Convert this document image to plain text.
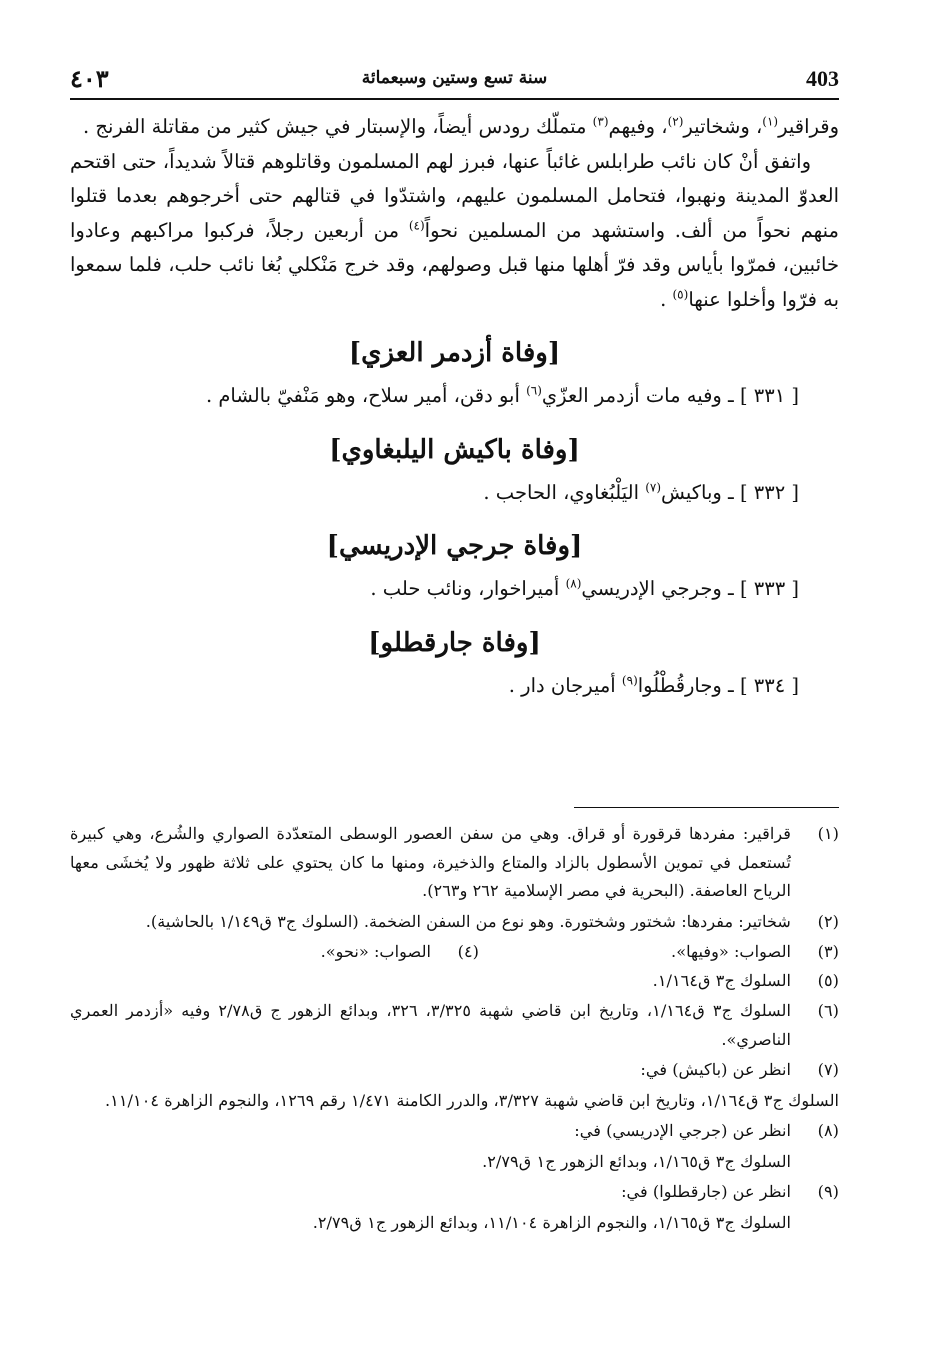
403
سنة تسع وستين وسبعمائة
٤٠٣

وقراقير$^{(١)}$، وشخاتير$^{(٢)}$، وفيهم$^{(٣)}$ متملّك رودس أيضاً، والإسبتار في جيش كثير من مقاتلة الفرنج .

واتفق أنْ كان نائب طرابلس غائباً عنها، فبرز لهم المسلمون وقاتلوهم قتالاً شديداً، حتى اقتحم العدوّ المدينة ونهبوا، فتحامل المسلمون عليهم، واشتدّوا في قتالهم حتى أخرجوهم بعدما قتلوا منهم نحواً من ألف. واستشهد من المسلمين نحواً$^{(٤)}$ من أربعين رجلاً، فركبوا مراكبهم وعادوا خائبين، فمرّوا بأياس وقد فرّ أهلها منها قبل وصولهم، وقد خرج مَنْكلي بُغا نائب حلب، فلما سمعوا به فرّوا وأخلوا عنها$^{(٥)}$ .

[وفاة أزدمر العزي]

[ ٣٣١ ] ـ وفيه مات أزدمر العزّي$^{(٦)}$ أبو دقن، أمير سلاح، وهو مَنْفيّ بالشام .

[وفاة باكيش اليلبغاوي]

[ ٣٣٢ ] ـ وباكيش$^{(٧)}$ اليَلْبُغاوي، الحاجب .

[وفاة جرجي الإدريسي]

[ ٣٣٣ ] ـ وجرجي الإدريسي$^{(٨)}$ أميراخوار، ونائب حلب .

[وفاة جارقطلو]

[ ٣٣٤ ] ـ وجارقُطْلُوا$^{(٩)}$ أميرجان دار .

(١)
قراقير: مفردها قرقورة أو قراق. وهي من سفن العصور الوسطى المتعدّدة الصواري والشُرع، وهي كبيرة تُستعمل في تموين الأسطول بالزاد والمتاع والذخيرة، ومنها ما كان يحتوي على ثلاثة ظهور ولا يُخشَى معها الرياح العاصفة. (البحرية في مصر الإسلامية ٢٦٢ و٢٦٣).
(٢)
شخاتير: مفردها: شختور وشختورة. وهو نوع من السفن الضخمة. (السلوك ج٣ ق١/١٤٩ بالحاشية).
(٣)
الصواب: «وفيها».
(٤)
الصواب: «نحو».
(٥)
السلوك ج٣ ق١/١٦٤.
(٦)
السلوك ج٣ ق١/١٦٤، وتاريخ ابن قاضي شهبة ٣/٣٢٥، ٣٢٦، وبدائع الزهور ج ق٢/٧٨ وفيه «أزدمر العمري الناصري».
(٧)
انظر عن (باكيش) في:
السلوك ج٣ ق١/١٦٤، وتاريخ ابن قاضي شهبة ٣/٣٢٧، والدرر الكامنة ١/٤٧١ رقم ١٢٦٩، والنجوم الزاهرة ١١/١٠٤.
(٨)
انظر عن (جرجي الإدريسي) في:
السلوك ج٣ ق١/١٦٥، وبدائع الزهور ج١ ق٢/٧٩.
(٩)
انظر عن (جارقطلوا) في:
السلوك ج٣ ق١/١٦٥، والنجوم الزاهرة ١١/١٠٤، وبدائع الزهور ج١ ق٢/٧٩.
